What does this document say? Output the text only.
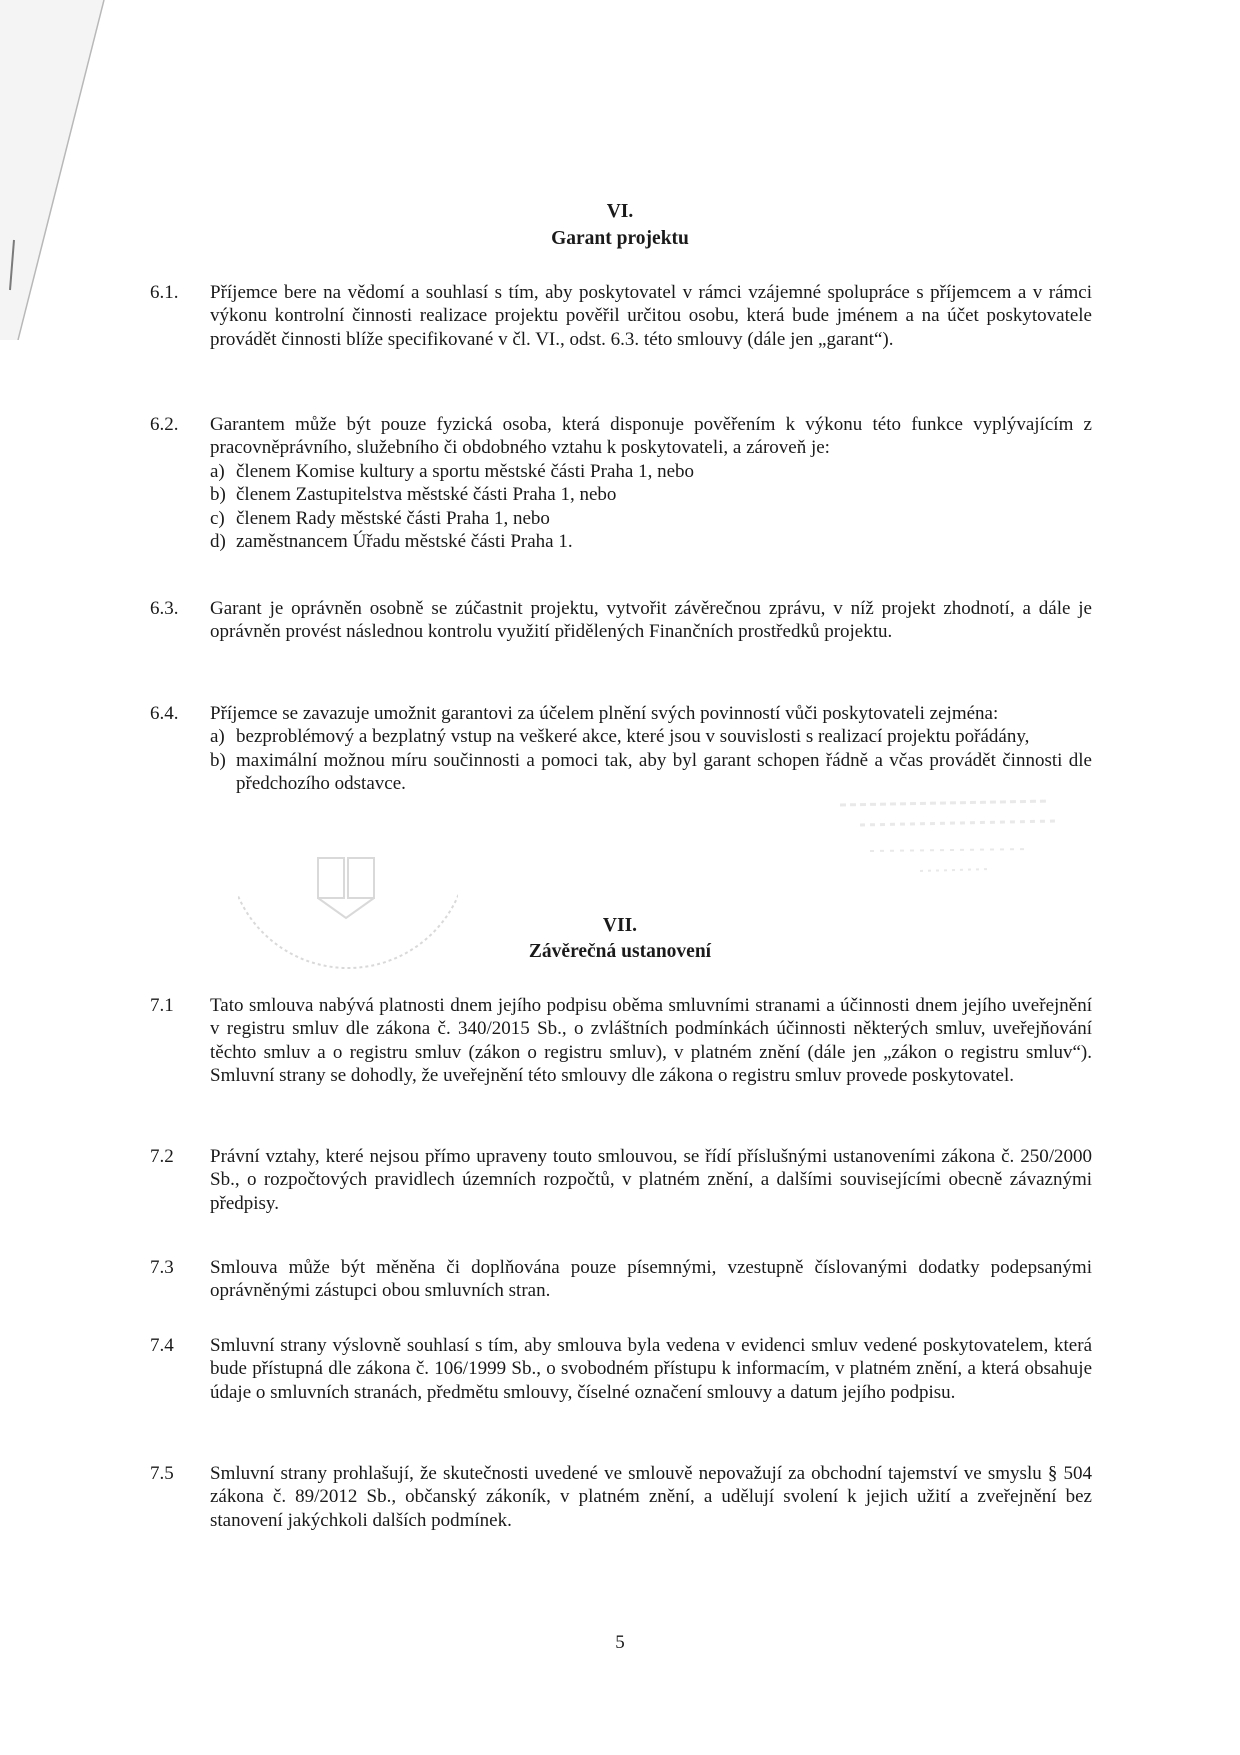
VI.
Garant projektu
6.1. Příjemce bere na vědomí a souhlasí s tím, aby poskytovatel v rámci vzájemné spolupráce s příjemcem a v rámci výkonu kontrolní činnosti realizace projektu pověřil určitou osobu, která bude jménem a na účet poskytovatele provádět činnosti blíže specifikované v čl. VI., odst. 6.3. této smlouvy (dále jen „garant“).

6.2. Garantem může být pouze fyzická osoba, která disponuje pověřením k výkonu této funkce vyplývajícím z pracovněprávního, služebního či obdobného vztahu k poskytovateli, a zároveň je:

a) členem Komise kultury a sportu městské části Praha 1, nebo
b) členem Zastupitelstva městské části Praha 1, nebo
c) členem Rady městské části Praha 1, nebo
d) zaměstnancem Úřadu městské části Praha 1.
6.3. Garant je oprávněn osobně se zúčastnit projektu, vytvořit závěrečnou zprávu, v níž projekt zhodnotí, a dále je oprávněn provést následnou kontrolu využití přidělených Finančních prostředků projektu.

6.4. Příjemce se zavazuje umožnit garantovi za účelem plnění svých povinností vůči poskytovateli zejména:

a) bezproblémový a bezplatný vstup na veškeré akce, které jsou v souvislosti s realizací projektu pořádány,
b) maximální možnou míru součinnosti a pomoci tak, aby byl garant schopen řádně a včas provádět činnosti dle předchozího odstavce.
VII.
Závěrečná ustanovení
7.1 Tato smlouva nabývá platnosti dnem jejího podpisu oběma smluvními stranami a účinnosti dnem jejího uveřejnění v registru smluv dle zákona č. 340/2015 Sb., o zvláštních podmínkách účinnosti některých smluv, uveřejňování těchto smluv a o registru smluv (zákon o registru smluv), v platném znění (dále jen „zákon o registru smluv“). Smluvní strany se dohodly, že uveřejnění této smlouvy dle zákona o registru smluv provede poskytovatel.

7.2 Právní vztahy, které nejsou přímo upraveny touto smlouvou, se řídí příslušnými ustanoveními zákona č. 250/2000 Sb., o rozpočtových pravidlech územních rozpočtů, v platném znění, a dalšími souvisejícími obecně závaznými předpisy.

7.3 Smlouva může být měněna či doplňována pouze písemnými, vzestupně číslovanými dodatky podepsanými oprávněnými zástupci obou smluvních stran.

7.4 Smluvní strany výslovně souhlasí s tím, aby smlouva byla vedena v evidenci smluv vedené poskytovatelem, která bude přístupná dle zákona č. 106/1999 Sb., o svobodném přístupu k informacím, v platném znění, a která obsahuje údaje o smluvních stranách, předmětu smlouvy, číselné označení smlouvy a datum jejího podpisu.

7.5 Smluvní strany prohlašují, že skutečnosti uvedené ve smlouvě nepovažují za obchodní tajemství ve smyslu § 504 zákona č. 89/2012 Sb., občanský zákoník, v platném znění, a udělují svolení k jejich užití a zveřejnění bez stanovení jakýchkoli dalších podmínek.

5
